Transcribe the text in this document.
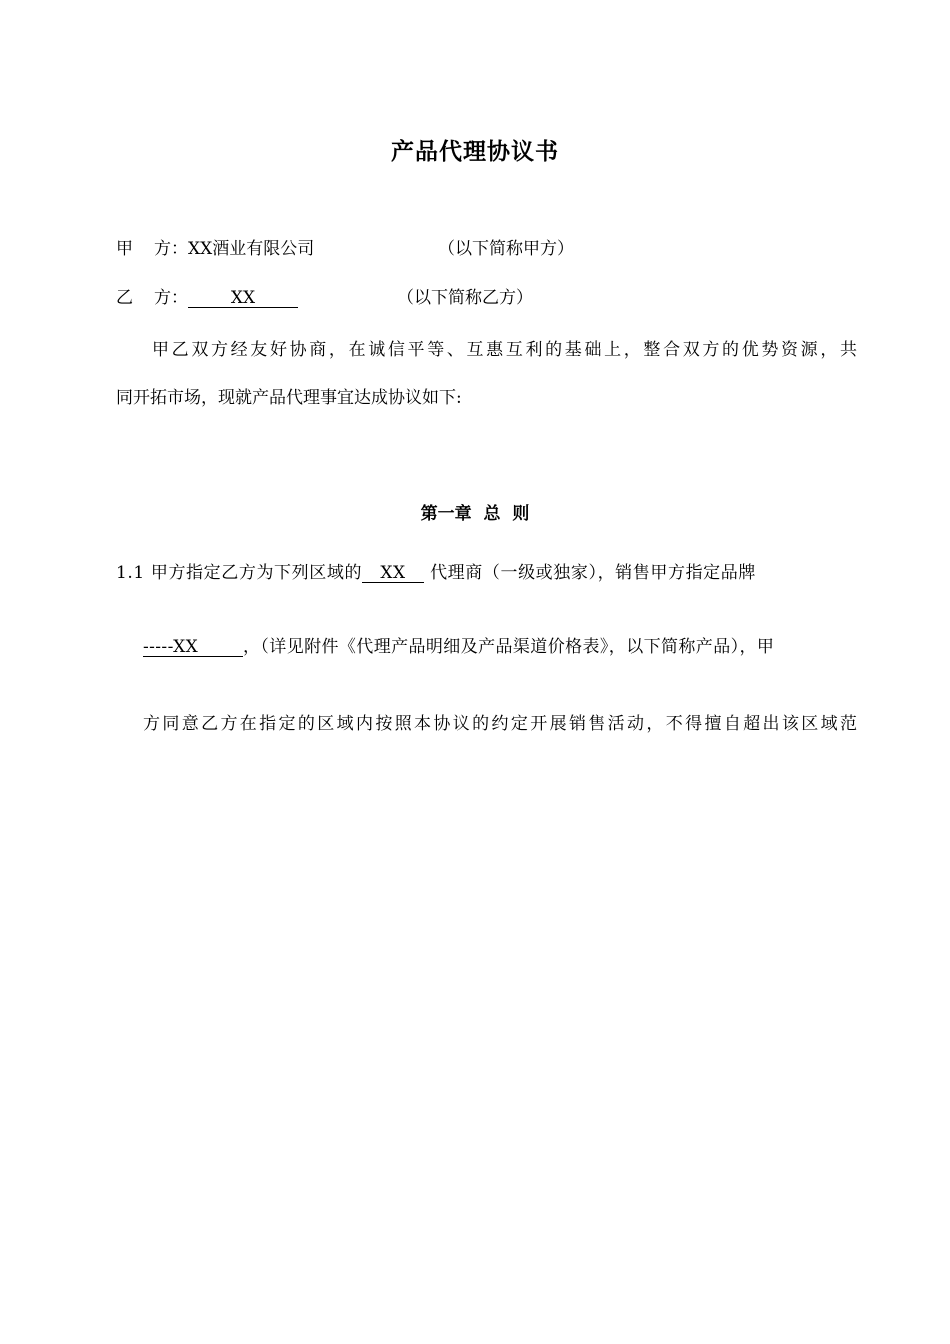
产品代理协议书
甲 方：XX酒业有限公司	（以下简称甲方）
乙 方：	XX	（以下简称乙方）
甲乙双方经友好协商，在诚信平等、互惠互利的基础上，整合双方的优势资源，共
同开拓市场，现就产品代理事宜达成协议如下:
第一章 总 则
1.1 甲方指定乙方为下列区域的 XX 代理商（一级或独家），销售甲方指定品牌
-----XX	，（详见附件《代理产品明细及产品渠道价格表》，以下简称产品），甲
方同意乙方在指定的区域内按照本协议的约定开展销售活动，不得擅自超出该区域范
